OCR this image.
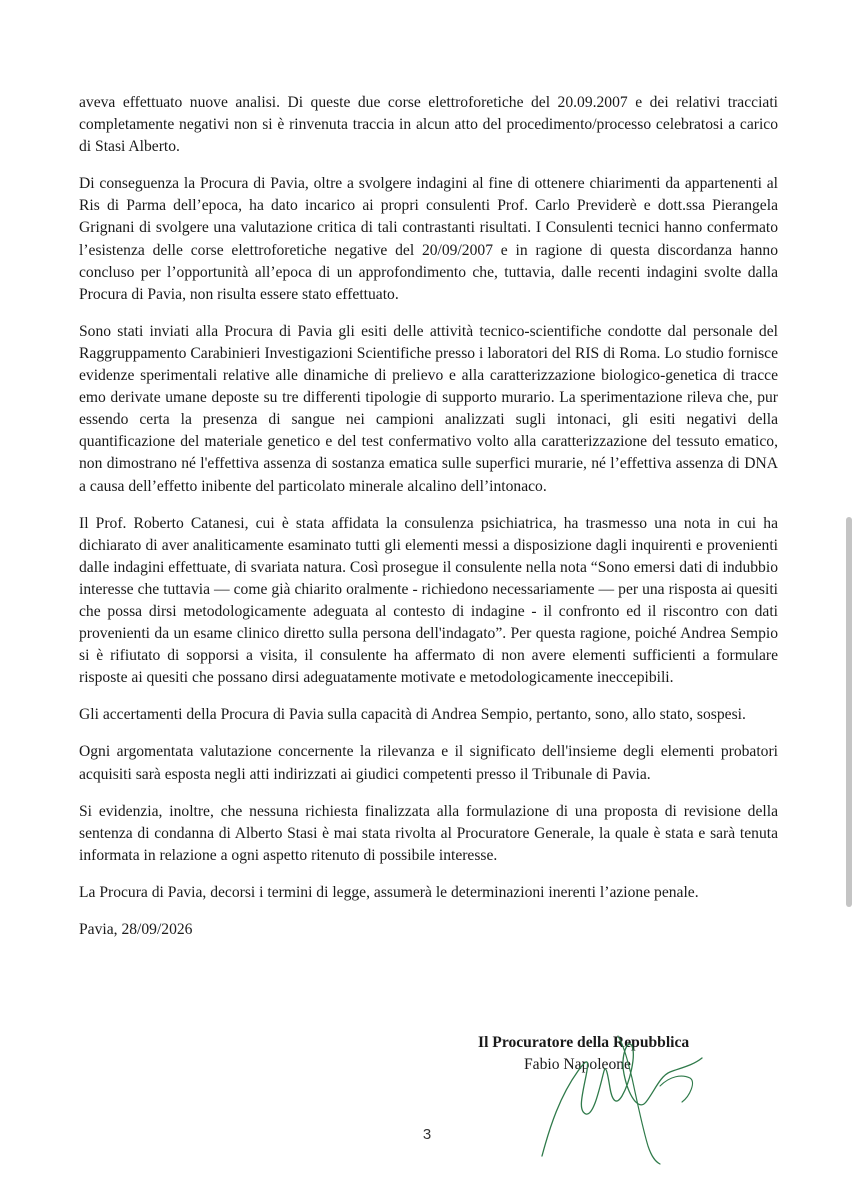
aveva effettuato nuove analisi. Di queste due corse elettroforetiche del 20.09.2007 e dei relativi tracciati completamente negativi non si è rinvenuta traccia in alcun atto del procedimento/processo celebratosi a carico di Stasi Alberto.

Di conseguenza la Procura di Pavia, oltre a svolgere indagini al fine di ottenere chiarimenti da appartenenti al Ris di Parma dell’epoca, ha dato incarico ai propri consulenti Prof. Carlo Previderè e dott.ssa Pierangela Grignani di svolgere una valutazione critica di tali contrastanti risultati. I Consulenti tecnici hanno confermato l’esistenza delle corse elettroforetiche negative del 20/09/2007 e in ragione di questa discordanza hanno concluso per l’opportunità all’epoca di un approfondimento che, tuttavia, dalle recenti indagini svolte dalla Procura di Pavia, non risulta essere stato effettuato.

Sono stati inviati alla Procura di Pavia gli esiti delle attività tecnico-scientifiche condotte dal personale del Raggruppamento Carabinieri Investigazioni Scientifiche presso i laboratori del RIS di Roma. Lo studio fornisce evidenze sperimentali relative alle dinamiche di prelievo e alla caratterizzazione biologico-genetica di tracce emo derivate umane deposte su tre differenti tipologie di supporto murario. La sperimentazione rileva che, pur essendo certa la presenza di sangue nei campioni analizzati sugli intonaci, gli esiti negativi della quantificazione del materiale genetico e del test confermativo volto alla caratterizzazione del tessuto ematico, non dimostrano né l'effettiva assenza di sostanza ematica sulle superfici murarie, né l’effettiva assenza di DNA a causa dell’effetto inibente del particolato minerale alcalino dell’intonaco.

Il Prof. Roberto Catanesi, cui è stata affidata la consulenza psichiatrica, ha trasmesso una nota in cui ha dichiarato di aver analiticamente esaminato tutti gli elementi messi a disposizione dagli inquirenti e provenienti dalle indagini effettuate, di svariata natura. Così prosegue il consulente nella nota “Sono emersi dati di indubbio interesse che tuttavia — come già chiarito oralmente - richiedono necessariamente — per una risposta ai quesiti che possa dirsi metodologicamente adeguata al contesto di indagine - il confronto ed il riscontro con dati provenienti da un esame clinico diretto sulla persona dell'indagato”. Per questa ragione, poiché Andrea Sempio si è rifiutato di sopporsi a visita, il consulente ha affermato di non avere elementi sufficienti a formulare risposte ai quesiti che possano dirsi adeguatamente motivate e metodologicamente ineccepibili.

Gli accertamenti della Procura di Pavia sulla capacità di Andrea Sempio, pertanto, sono, allo stato, sospesi.

Ogni argomentata valutazione concernente la rilevanza e il significato dell'insieme degli elementi probatori acquisiti sarà esposta negli atti indirizzati ai giudici competenti presso il Tribunale di Pavia.

Si evidenzia, inoltre, che nessuna richiesta finalizzata alla formulazione di una proposta di revisione della sentenza di condanna di Alberto Stasi è mai stata rivolta al Procuratore Generale, la quale è stata e sarà tenuta informata in relazione a ogni aspetto ritenuto di possibile interesse.

La Procura di Pavia, decorsi i termini di legge, assumerà le determinazioni inerenti l’azione penale.

Pavia, 28/09/2026

Il Procuratore della Repubblica
Fabio Napoleone
3
